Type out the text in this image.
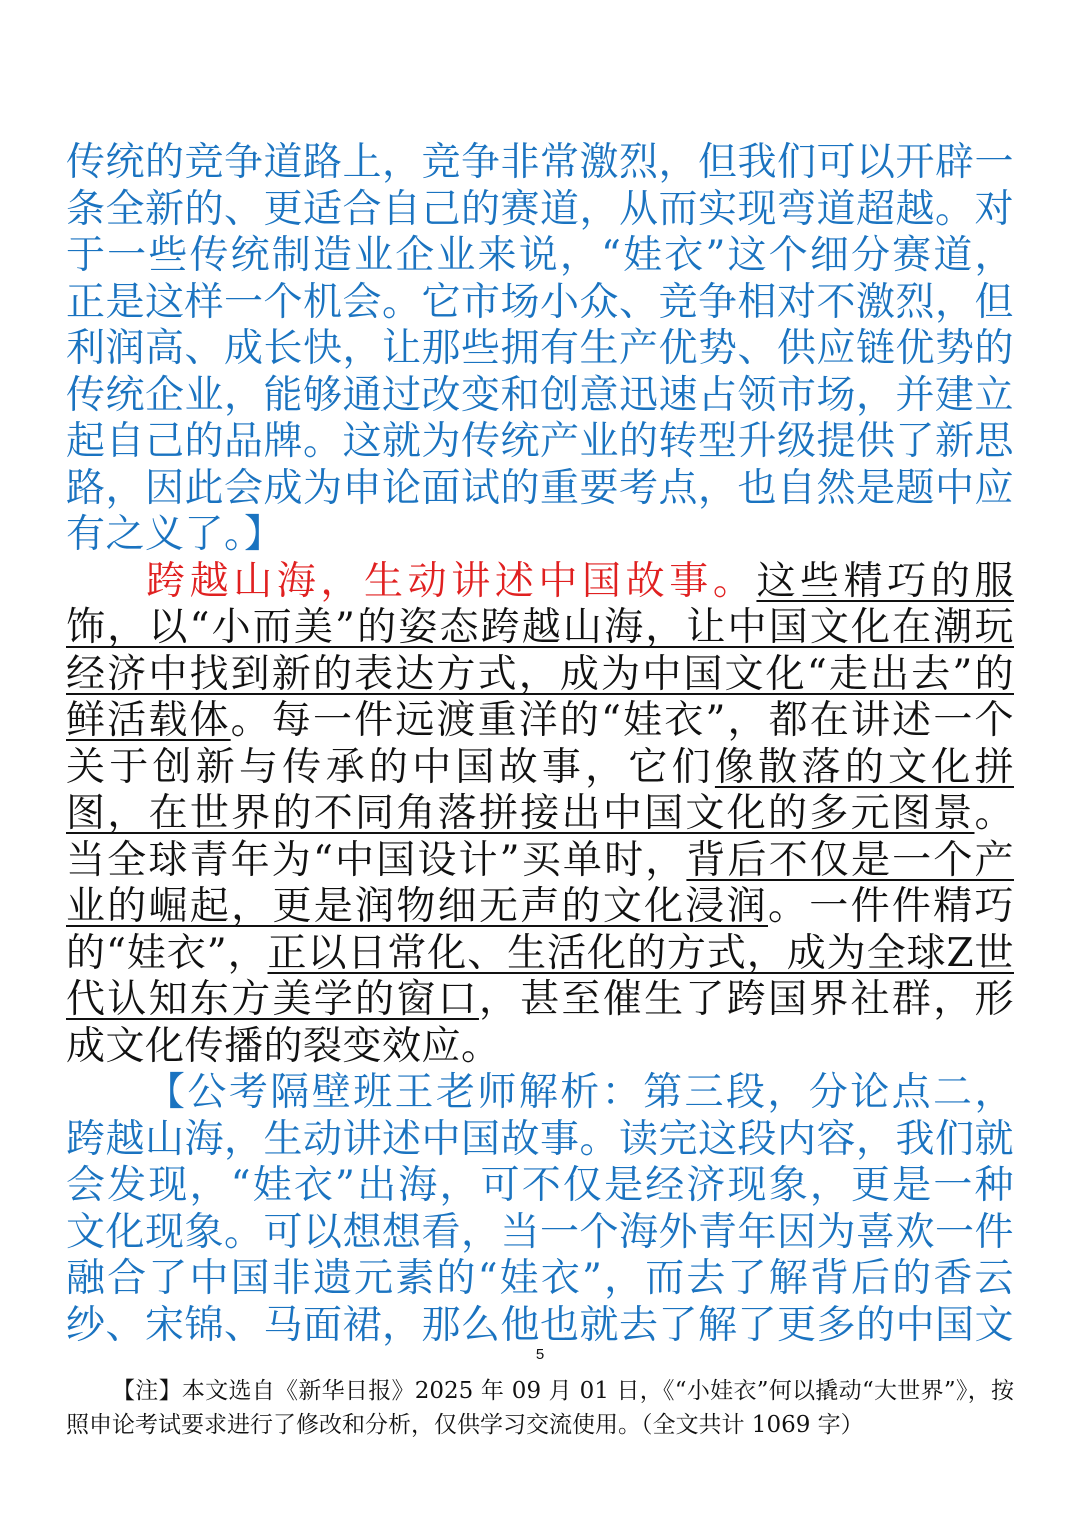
传统的竞争道路上，竞争非常激烈，但我们可以开辟一条全新的、更适合自己的赛道，从而实现弯道超越。对于一些传统制造业企业来说，“娃衣”这个细分赛道，正是这样一个机会。它市场小众、竞争相对不激烈，但利润高、成长快，让那些拥有生产优势、供应链优势的传统企业，能够通过改变和创意迅速占领市场，并建立起自己的品牌。这就为传统产业的转型升级提供了新思路，因此会成为申论面试的重要考点，也自然是题中应有之义了。】

跨越山海，生动讲述中国故事。这些精巧的服饰，以“小而美”的姿态跨越山海，让中国文化在潮玩经济中找到新的表达方式，成为中国文化“走出去”的鲜活载体。每一件远渡重洋的“娃衣”，都在讲述一个关于创新与传承的中国故事，它们像散落的文化拼图，在世界的不同角落拼接出中国文化的多元图景。当全球青年为“中国设计”买单时，背后不仅是一个产业的崛起，更是润物细无声的文化浸润。一件件精巧的“娃衣”，正以日常化、生活化的方式，成为全球Z世代认知东方美学的窗口，甚至催生了跨国界社群，形成文化传播的裂变效应。

【公考隔壁班王老师解析：第三段，分论点二，跨越山海，生动讲述中国故事。读完这段内容，我们就会发现，“娃衣”出海，可不仅是经济现象，更是一种文化现象。可以想想看，当一个海外青年因为喜欢一件融合了中国非遗元素的“娃衣”，而去了解背后的香云纱、宋锦、马面裙，那么他也就去了解了更多的中国文

5
【注】本文选自《新华日报》2025 年 09 月 01 日，《“小娃衣”何以撬动“大世界”》，按照申论考试要求进行了修改和分析，仅供学习交流使用。（全文共计 1069 字）
